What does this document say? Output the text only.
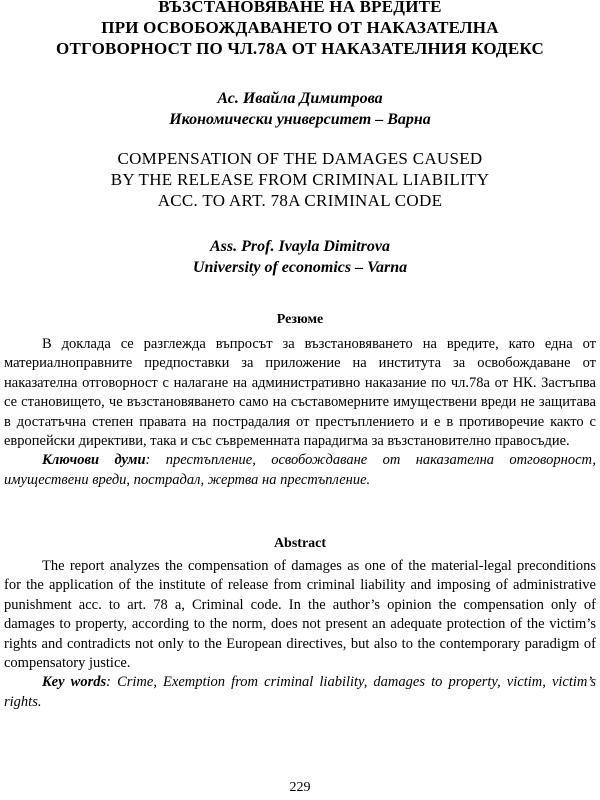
ВЪЗСТАНОВЯВАНЕ НА ВРЕДИТЕ
ПРИ ОСВОБОЖДАВАНЕТО ОТ НАКАЗАТЕЛНА
ОТГОВОРНОСТ ПО ЧЛ.78А ОТ НАКАЗАТЕЛНИЯ КОДЕКС
Ас. Ивайла Димитрова
Икономически университет – Варна
COMPENSATION OF THE DAMAGES CAUSED
BY THE RELEASE FROM CRIMINAL LIABILITY
ACC. TO ART. 78A CRIMINAL CODE
Ass. Prof. Ivayla Dimitrova
University of economics – Varna
Резюме

В доклада се разглежда въпросът за възстановяването на вредите, като една от материалноправните предпоставки за приложение на института за освобождаване от наказателна отговорност с налагане на административно наказание по чл.78а от НК. Застъпва се становището, че възстановяването само на съставомерните имуществени вреди не защитава в достатъчна степен правата на пострадалия от престъплението и е в противоречие както с европейски директиви, така и със съвременната парадигма за възстановително правосъдие.

Ключови думи: престъпление, освобождаване от наказателна отговорност, имуществени вреди, пострадал, жертва на престъпление.

Abstract

The report analyzes the compensation of damages as one of the material-legal preconditions for the application of the institute of release from criminal liability and imposing of administrative punishment acc. to art. 78 a, Criminal code. In the author’s opinion the compensation only of damages to property, according to the norm, does not present an adequate protection of the victim’s rights and contradicts not only to the European directives, but also to the contemporary paradigm of compensatory justice.

Key words: Crime, Exemption from criminal liability, damages to property, victim, victim’s rights.

229
